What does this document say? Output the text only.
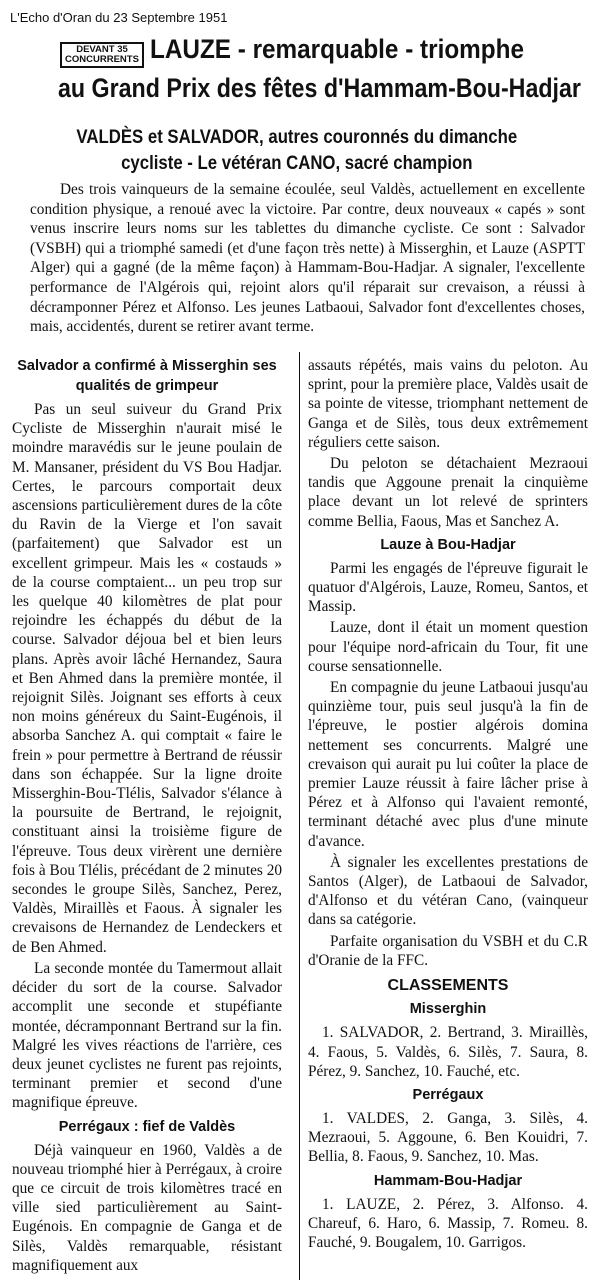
L'Echo d'Oran du 23 Septembre 1951
DEVANT 35 CONCURRENTS LAUZE - remarquable - triomphe
au Grand Prix des fêtes d'Hammam-Bou-Hadjar
VALDÈS et SALVADOR, autres couronnés du dimanche
cycliste - Le vétéran CANO, sacré champion

Des trois vainqueurs de la semaine écoulée, seul Valdès, actuellement en excellente condition physique, a renoué avec la victoire. Par contre, deux nouveaux « capés » sont venus inscrire leurs noms sur les tablettes du dimanche cycliste. Ce sont : Salvador (VSBH) qui a triomphé samedi (et d'une façon très nette) à Misserghin, et Lauze (ASPTT Alger) qui a gagné (de la même façon) à Hammam-Bou-Hadjar. A signaler, l'excellente performance de l'Algérois qui, rejoint alors qu'il réparait sur crevaison, a réussi à décramponner Pérez et Alfonso. Les jeunes Latbaoui, Salvador font d'excellentes choses, mais, accidentés, durent se retirer avant terme.

Salvador a confirmé à Misserghin ses qualités de grimpeur

Pas un seul suiveur du Grand Prix Cycliste de Misserghin n'aurait misé le moindre maravédis sur le jeune poulain de M. Mansaner, président du VS Bou Hadjar. Certes, le parcours comportait deux ascensions particulièrement dures de la côte du Ravin de la Vierge et l'on savait (parfaitement) que Salvador est un excellent grimpeur. Mais les « costauds » de la course comptaient... un peu trop sur les quelque 40 kilomètres de plat pour rejoindre les échappés du début de la course. Salvador déjoua bel et bien leurs plans. Après avoir lâché Hernandez, Saura et Ben Ahmed dans la première montée, il rejoignit Silès. Joignant ses efforts à ceux non moins généreux du Saint-Eugénois, il absorba Sanchez A. qui comptait « faire le frein » pour permettre à Bertrand de réussir dans son échappée. Sur la ligne droite Misserghin-Bou-Tlélis, Salvador s'élance à la poursuite de Bertrand, le rejoignit, constituant ainsi la troisième figure de l'épreuve. Tous deux virèrent une dernière fois à Bou Tlélis, précédant de 2 minutes 20 secondes le groupe Silès, Sanchez, Perez, Valdès, Miraillès et Faous. À signaler les crevaisons de Hernandez de Lendeckers et de Ben Ahmed.

La seconde montée du Tamermout allait décider du sort de la course. Salvador accomplit une seconde et stupéfiante montée, décramponnant Bertrand sur la fin. Malgré les vives réactions de l'arrière, ces deux jeunet cyclistes ne furent pas rejoints, terminant premier et second d'une magnifique épreuve.

Perrégaux : fief de Valdès

Déjà vainqueur en 1960, Valdès a de nouveau triomphé hier à Perrégaux, à croire que ce circuit de trois kilomètres tracé en ville sied particulièrement au Saint-Eugénois. En compagnie de Ganga et de Silès, Valdès remarquable, résistant magnifiquement aux

assauts répétés, mais vains du peloton. Au sprint, pour la première place, Valdès usait de sa pointe de vitesse, triomphant nettement de Ganga et de Silès, tous deux extrêmement réguliers cette saison.

Du peloton se détachaient Mezraoui tandis que Aggoune prenait la cinquième place devant un lot relevé de sprinters comme Bellia, Faous, Mas et Sanchez A.

Lauze à Bou-Hadjar

Parmi les engagés de l'épreuve figurait le quatuor d'Algérois, Lauze, Romeu, Santos, et Massip.

Lauze, dont il était un moment question pour l'équipe nord-africain du Tour, fit une course sensationnelle.

En compagnie du jeune Latbaoui jusqu'au quinzième tour, puis seul jusqu'à la fin de l'épreuve, le postier algérois domina nettement ses concurrents. Malgré une crevaison qui aurait pu lui coûter la place de premier Lauze réussit à faire lâcher prise à Pérez et à Alfonso qui l'avaient remonté, terminant détaché avec plus d'une minute d'avance.

À signaler les excellentes prestations de Santos (Alger), de Latbaoui de Salvador, d'Alfonso et du vétéran Cano, (vainqueur dans sa catégorie.

Parfaite organisation du VSBH et du C.R d'Oranie de la FFC.

CLASSEMENTS
Misserghin

1. SALVADOR, 2. Bertrand, 3. Miraillès, 4. Faous, 5. Valdès, 6. Silès, 7. Saura, 8. Pérez, 9. Sanchez, 10. Fauché, etc.

Perrégaux

1. VALDES, 2. Ganga, 3. Silès, 4. Mezraoui, 5. Aggoune, 6. Ben Kouidri, 7. Bellia, 8. Faous, 9. Sanchez, 10. Mas.

Hammam-Bou-Hadjar

1. LAUZE, 2. Pérez, 3. Alfonso. 4. Chareuf, 6. Haro, 6. Massip, 7. Romeu. 8. Fauché, 9. Bougalem, 10. Garrigos.
